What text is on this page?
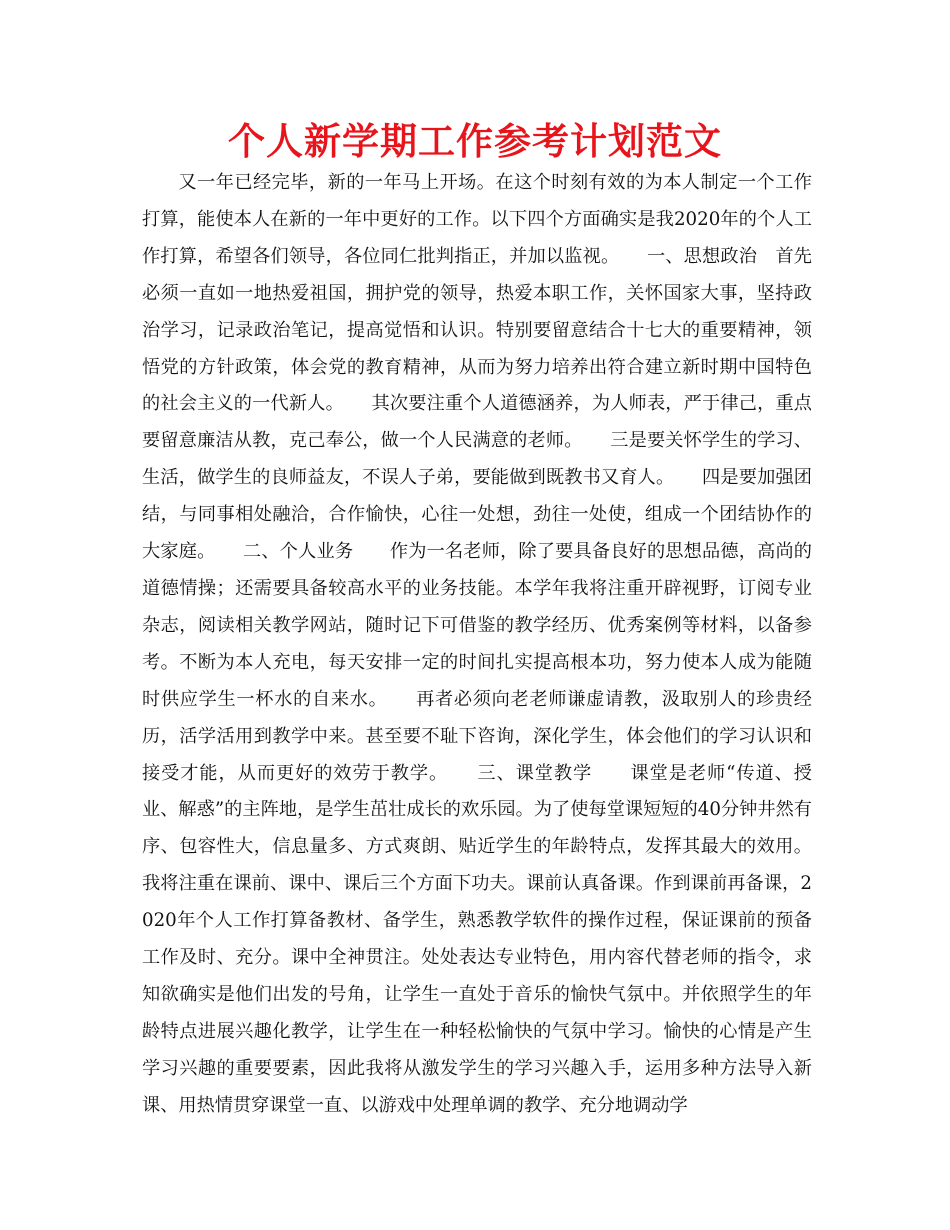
个人新学期工作参考计划范文

又一年已经完毕，新的一年马上开场。在这个时刻有效的为本人制定一个工作打算，能使本人在新的一年中更好的工作。以下四个方面确实是我2020年的个人工作打算，希望各们领导，各位同仁批判指正，并加以监视。　　一、思想政治　首先必须一直如一地热爱祖国，拥护党的领导，热爱本职工作，关怀国家大事，坚持政治学习，记录政治笔记，提高觉悟和认识。特别要留意结合十七大的重要精神，领悟党的方针政策，体会党的教育精神，从而为努力培养出符合建立新时期中国特色的社会主义的一代新人。　　其次要注重个人道德涵养，为人师表，严于律己，重点要留意廉洁从教，克己奉公，做一个人民满意的老师。　　三是要关怀学生的学习、生活，做学生的良师益友，不误人子弟，要能做到既教书又育人。　　四是要加强团结，与同事相处融洽，合作愉快，心往一处想，劲往一处使，组成一个团结协作的大家庭。　　二、个人业务　　作为一名老师，除了要具备良好的思想品德，高尚的道德情操；还需要具备较高水平的业务技能。本学年我将注重开辟视野，订阅专业杂志，阅读相关教学网站，随时记下可借鉴的教学经历、优秀案例等材料，以备参考。不断为本人充电，每天安排一定的时间扎实提高根本功，努力使本人成为能随时供应学生一杯水的自来水。　　再者必须向老老师谦虚请教，汲取别人的珍贵经历，活学活用到教学中来。甚至要不耻下咨询，深化学生，体会他们的学习认识和接受才能，从而更好的效劳于教学。　　三、课堂教学　　课堂是老师“传道、授业、解惑”的主阵地，是学生茁壮成长的欢乐园。为了使每堂课短短的40分钟井然有序、包容性大，信息量多、方式爽朗、贴近学生的年龄特点，发挥其最大的效用。我将注重在课前、课中、课后三个方面下功夫。课前认真备课。作到课前再备课，2020年个人工作打算备教材、备学生，熟悉教学软件的操作过程，保证课前的预备工作及时、充分。课中全神贯注。处处表达专业特色，用内容代替老师的指令，求知欲确实是他们出发的号角，让学生一直处于音乐的愉快气氛中。并依照学生的年龄特点进展兴趣化教学，让学生在一种轻松愉快的气氛中学习。愉快的心情是产生学习兴趣的重要要素，因此我将从激发学生的学习兴趣入手，运用多种方法导入新课、用热情贯穿课堂一直、以游戏中处理单调的教学、充分地调动学
